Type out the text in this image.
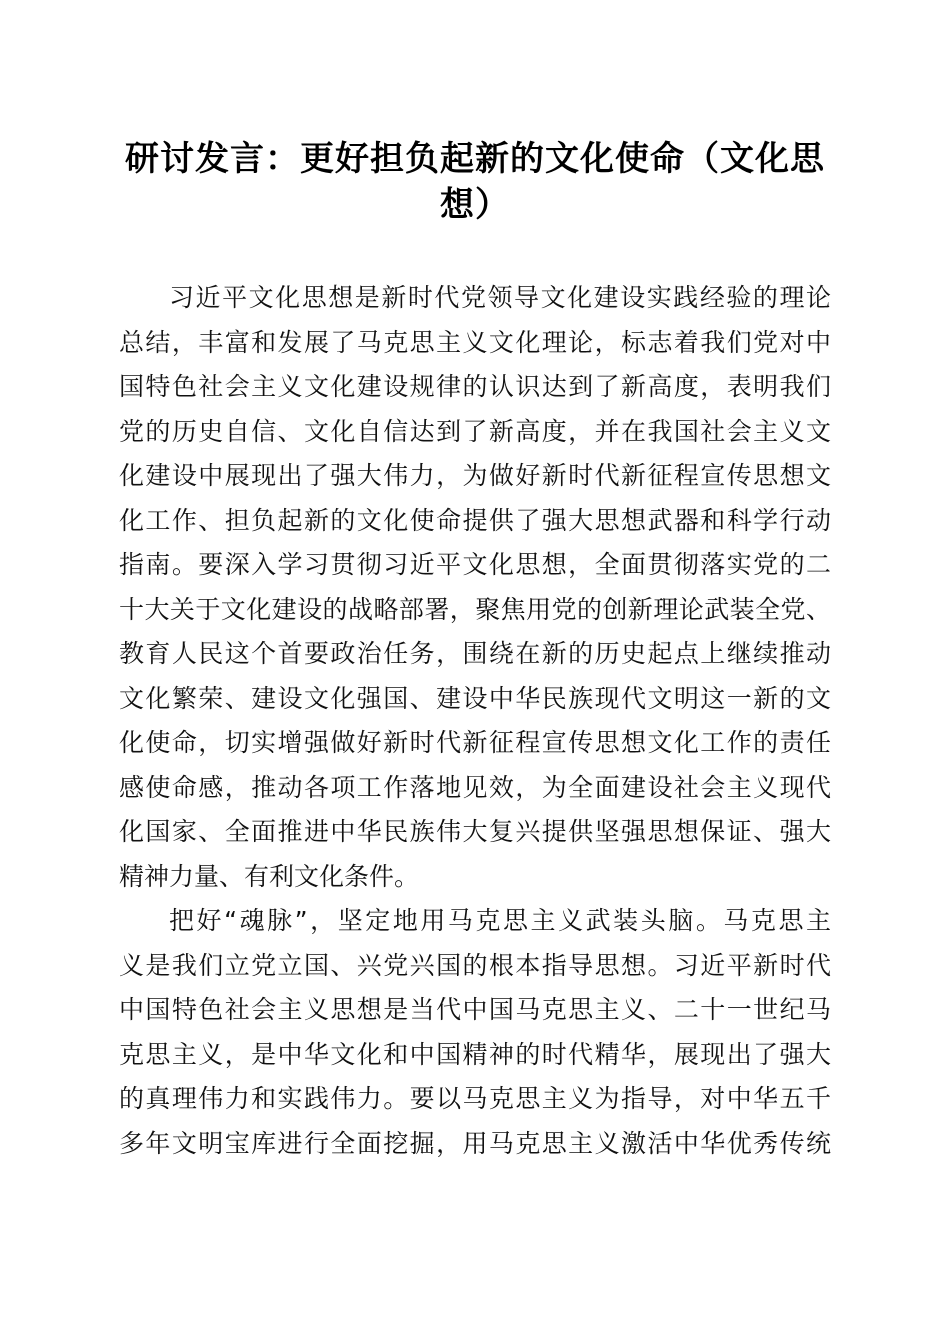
研讨发言：更好担负起新的文化使命（文化思想）
习近平文化思想是新时代党领导文化建设实践经验的理论
总结，丰富和发展了马克思主义文化理论，标志着我们党对中
国特色社会主义文化建设规律的认识达到了新高度，表明我们
党的历史自信、文化自信达到了新高度，并在我国社会主义文
化建设中展现出了强大伟力，为做好新时代新征程宣传思想文
化工作、担负起新的文化使命提供了强大思想武器和科学行动
指南。要深入学习贯彻习近平文化思想，全面贯彻落实党的二
十大关于文化建设的战略部署，聚焦用党的创新理论武装全党、
教育人民这个首要政治任务，围绕在新的历史起点上继续推动
文化繁荣、建设文化强国、建设中华民族现代文明这一新的文
化使命，切实增强做好新时代新征程宣传思想文化工作的责任
感使命感，推动各项工作落地见效，为全面建设社会主义现代
化国家、全面推进中华民族伟大复兴提供坚强思想保证、强大
精神力量、有利文化条件。
把好“魂脉”，坚定地用马克思主义武装头脑。马克思主
义是我们立党立国、兴党兴国的根本指导思想。习近平新时代
中国特色社会主义思想是当代中国马克思主义、二十一世纪马
克思主义，是中华文化和中国精神的时代精华，展现出了强大
的真理伟力和实践伟力。要以马克思主义为指导，对中华五千
多年文明宝库进行全面挖掘，用马克思主义激活中华优秀传统
